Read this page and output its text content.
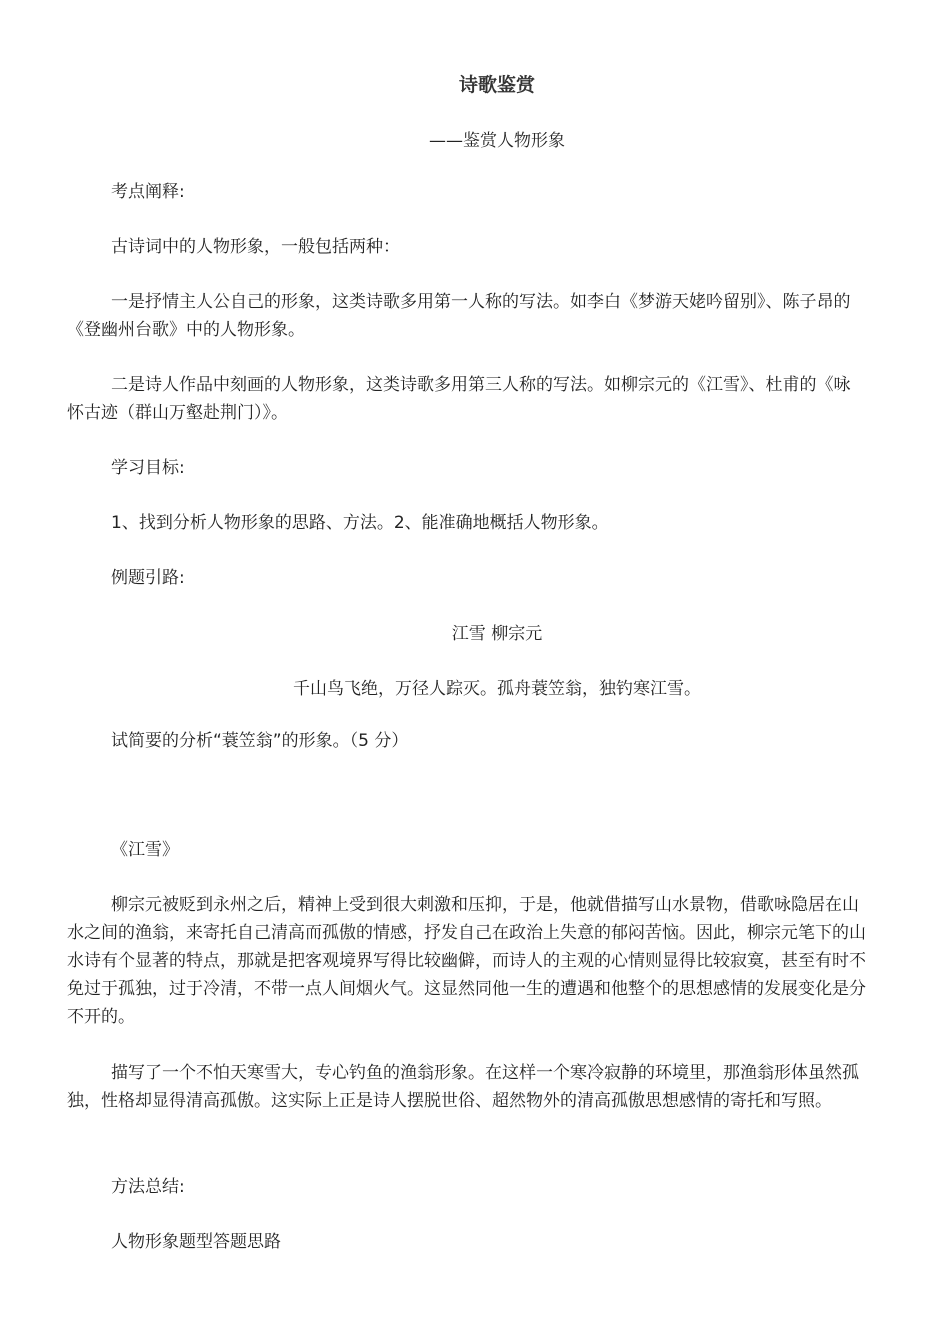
诗歌鉴赏
——鉴赏人物形象

考点阐释:

古诗词中的人物形象，一般包括两种：

一是抒情主人公自己的形象，这类诗歌多用第一人称的写法。如李白《梦游天姥吟留别》、陈子昂的《登幽州台歌》中的人物形象。

二是诗人作品中刻画的人物形象，这类诗歌多用第三人称的写法。如柳宗元的《江雪》、杜甫的《咏怀古迹（群山万壑赴荆门）》。

学习目标:

1、找到分析人物形象的思路、方法。2、能准确地概括人物形象。

例题引路:

江雪 柳宗元
千山鸟飞绝，万径人踪灭。孤舟蓑笠翁，独钓寒江雪。

试简要的分析“蓑笠翁”的形象。（5 分）

《江雪》

柳宗元被贬到永州之后，精神上受到很大刺激和压抑，于是，他就借描写山水景物，借歌咏隐居在山水之间的渔翁，来寄托自己清高而孤傲的情感，抒发自己在政治上失意的郁闷苦恼。因此，柳宗元笔下的山水诗有个显著的特点，那就是把客观境界写得比较幽僻，而诗人的主观的心情则显得比较寂寞，甚至有时不免过于孤独，过于冷清，不带一点人间烟火气。这显然同他一生的遭遇和他整个的思想感情的发展变化是分不开的。

描写了一个不怕天寒雪大，专心钓鱼的渔翁形象。在这样一个寒冷寂静的环境里，那渔翁形体虽然孤独，性格却显得清高孤傲。这实际上正是诗人摆脱世俗、超然物外的清高孤傲思想感情的寄托和写照。

方法总结:

人物形象题型答题思路
